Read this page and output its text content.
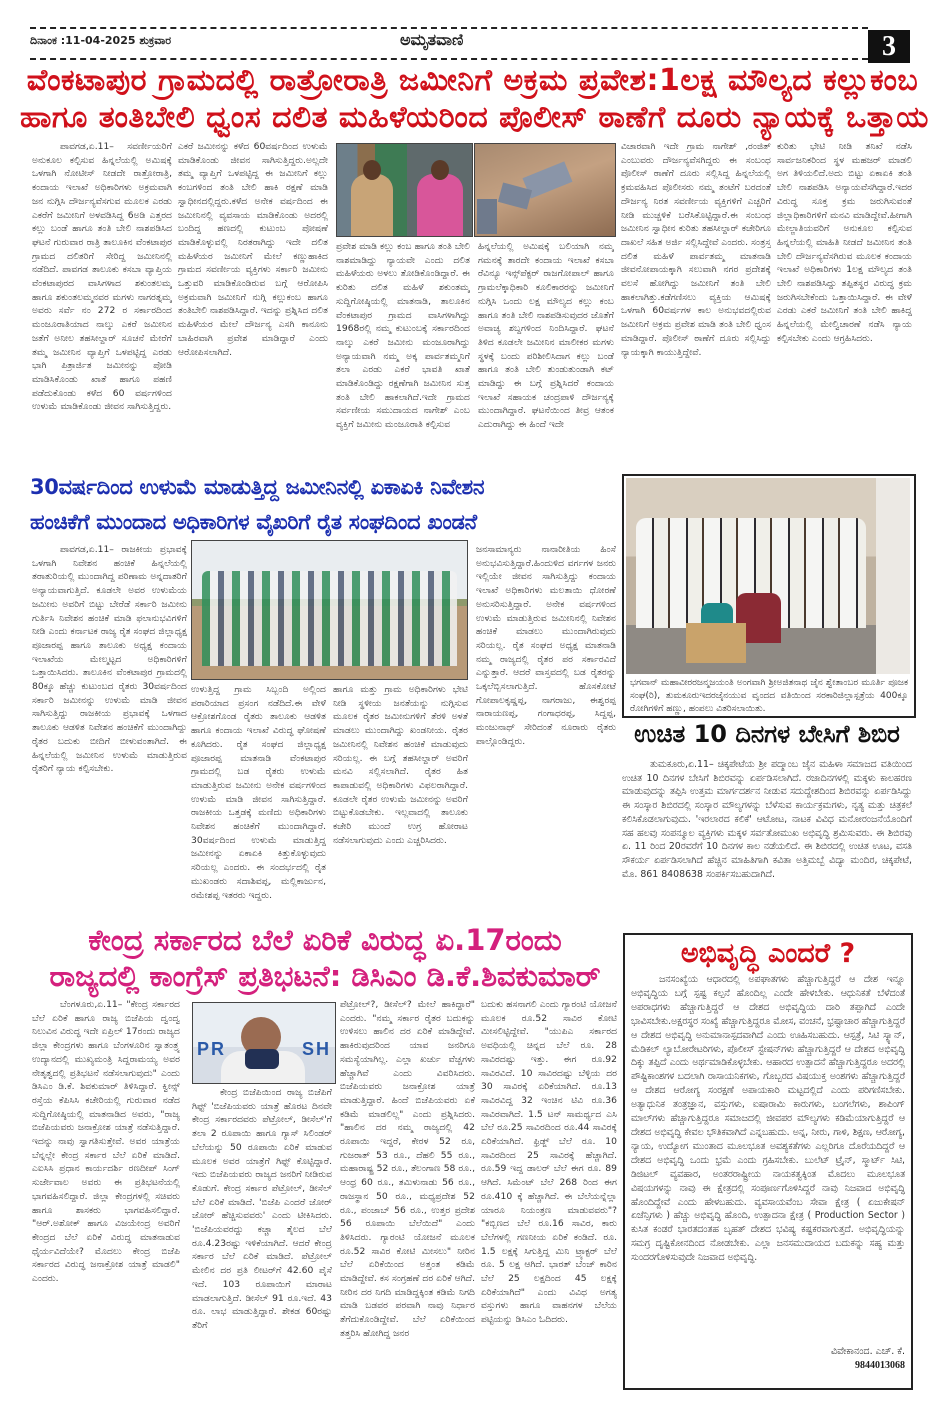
ದಿನಾಂಕ :11-04-2025 ಶುಕ್ರವಾರ	ಅಮೃತವಾಣಿ	3
ವೆಂಕಟಾಪುರ ಗ್ರಾಮದಲ್ಲಿ ರಾತ್ರೋರಾತ್ರಿ ಜಮೀನಿಗೆ ಅಕ್ರಮ ಪ್ರವೇಶ:1ಲಕ್ಷ ಮೌಲ್ಯದ ಕಲ್ಲುಕಂಬ
ಹಾಗೂ ತಂತಿಬೇಲಿ ಧ್ವಂಸ ದಲಿತ ಮಹಿಳೆಯರಿಂದ ಪೊಲೀಸ್ ಠಾಣೆಗೆ ದೂರು ನ್ಯಾಯಕ್ಕೆ ಒತ್ತಾಯ

ಪಾವಗಡ,ಏ.11– ಸವರ್ಣೀಯರಿಗೆ ಅನುಕೂಲ ಕಲ್ಪಿಸುವ ಹಿನ್ನಲೆಯಲ್ಲಿ ಅಮಿಷಕ್ಕೆ ಒಳಗಾಗಿ ನೋಟೀಸ್ ನೀಡದೇ ರಾತ್ರೋರಾತ್ರಿ, ಕಂದಾಯ ಇಲಾಖೆ ಅಧಿಕಾರಿಗಳು ಅಕ್ರಮವಾಗಿ ಜನ ನುಗ್ಗಿಸಿ ದೌರ್ಜನ್ಯವೆಸಗುವ ಮೂಲಕ ಎರಡು ಎಕರೆಗೆ ಜಮೀನಿಗೆ ಅಳವಡಿಸಿದ್ದ 6ಅಡಿ ಎತ್ತರದ ಕಲ್ಲು ಬಂಡೆ ಹಾಗೂ ತಂತಿ ಬೇಲಿ ನಾಶಪಡಿಸಿದ ಘಟನೆ ಗುರುವಾರ ರಾತ್ರಿ ತಾಲೂಕಿನ ವೆಂಕಟಾಪುರ ಗ್ರಾಮದ ದಲಿತರಿಗೆ ಸೇರಿದ್ದ ಜಮೀನಿನಲ್ಲಿ ನಡೆದಿದೆ. ಪಾವಗಡ ತಾಲೂಕು ಕಸಬಾ ವ್ಯಾಪ್ತಿಯ ವೆಂಕಟಾಪುರದ ವಾಸಿಗಳಾದ ಶಕುಂತಲಮ್ಮ ಹಾಗೂ ಶಕುಂತಲಮ್ಮನವರ ಮಗಳು ನಾಗರತ್ನಮ್ಮ ಅವರು ಸರ್ವೆ ನಂ 272 ರ ಸರ್ಕಾರದಿಂದ ಮಂಜೂರಾತಿಯಾದ ನಾಲ್ಕು ಎಕರೆ ಜಮೀನಿನ ಜತೆಗೆ ಅನೀಲ ತಹಸೀಲ್ದಾರ್ ಸೂಚನೆ ಮೇರೆಗೆ ತಮ್ಮ ಜಮೀನಿನ ವ್ಯಾಪ್ತಿಗೆ ಒಳಪಟ್ಟಿದ್ದ ಎರಡು ಭಾಗಿ ಪಿತ್ರಾರ್ಜಿತ ಜಮೀನನ್ನು ಪೋಡಿ ಮಾಡಿಸಿಕೊಂಡು ಖಾತೆ ಹಾಗೂ ಪಹಣಿ ಪಡೆದುಕೊಂಡು ಕಳೆದ 60 ವರ್ಷಗಳಿಂದ ಉಳುಮೆ ಮಾಡಿಕೊಂಡು ಜೀವನ ಸಾಗಿಸುತ್ತಿದ್ದರು.

ಎಕರೆ ಜಮೀನನ್ನು ಕಳೆದ 60ವರ್ಷದಿಂದ ಉಳುಮೆ ಮಾಡಿಕೊಂಡು ಜೀವನ ಸಾಗಿಸುತ್ತಿದ್ದರು.ಅಲ್ಲದೇ ತಮ್ಮ ವ್ಯಾಪ್ತಿಗೆ ಒಳಪಟ್ಟಿದ್ದ ಈ ಜಮೀನಿಗೆ ಕಲ್ಲು ಕಂಬಗಳಿಂದ ತಂತಿ ಬೇಲಿ ಹಾಕಿ ರಕ್ಷಣೆ ಮಾಡಿ ಸ್ವಾಧೀನದಲ್ಲಿದ್ದರು.ಕಳೆದ ಅನೇಕ ವರ್ಷದಿಂದ ಈ ಜಮೀನಿನಲ್ಲಿ ವ್ಯವಸಾಯ ಮಾಡಿಕೊಂಡು ಅದರಲ್ಲಿ ಬಂದಿದ್ದ ಹಣದಲ್ಲಿ ಕುಟುಂಬ ಪೋಷಣೆ ಮಾಡಿಕೊಳ್ಳುವಲ್ಲಿ ನಿರತರಾಗಿದ್ದು ಇದೇ ದಲಿತ ಮಹಿಳೆಯರ ಜಮೀನಿಗೆ ಮೇಲೆ ಕಣ್ಣುಹಾಕಿದ ಗ್ರಾಮದ ಸವರ್ಣೀಯ ವ್ಯಕ್ತಿಗಳು ಸರ್ಕಾರಿ ಜಮೀನು ಒತ್ತುವರಿ ಮಾಡಿಕೊಂಡಿರುವ ಬಗ್ಗೆ ಆರೋಪಿಸಿ ಅಕ್ರಮವಾಗಿ ಜಮೀನಿಗೆ ನುಗ್ಗಿ ಕಲ್ಲುಕಂಬ ಹಾಗೂ ತಂತಿಬೇಲಿ ನಾಶಪಡಿಸಿದ್ದಾರೆ. ಇದನ್ನು ಪ್ರಶ್ನಿಸಿದ ದಲಿತ ಮಹಿಳೆಯರ ಮೇಲೆ ದೌರ್ಜನ್ಯ ಎಸಗಿ ಕಾನೂನು ಬಾಹಿರವಾಗಿ ಪ್ರವೇಶ ಮಾಡಿದ್ದಾರೆ ಎಂದು ಆರೋಪಿಸಲಾಗಿದೆ.

ಪ್ರವೇಶ ಮಾಡಿ ಕಲ್ಲು ಕಂಬ ಹಾಗೂ ತಂತಿ ಬೇಲಿ ನಾಶಮಾಡಿದ್ದು ನ್ಯಾಯವೇ ಎಂದು ದಲಿತ ಮಹಿಳೆಯರು ಅಳಲು ತೋಡಿಕೊಂಡಿದ್ದಾರೆ. ಈ ಕುರಿತು ದಲಿತ ಮಹಿಳೆ ಶಕುಂತಮ್ಮ ಸುದ್ದಿಗೋಷ್ಠಿಯಲ್ಲಿ ಮಾತನಾಡಿ, ತಾಲೂಕಿನ ವೆಂಕಟಾಪುರ ಗ್ರಾಮದ ವಾಸಿಗಳಾಗಿದ್ದು 1968ರಲ್ಲಿ ನಮ್ಮ ಕುಟುಂಬಕ್ಕೆ ಸರ್ಕಾರದಿಂದ ನಾಲ್ಕು ಎಕರೆ ಜಮೀನು ಮಂಜೂರಾಗಿದ್ದು ಅನ್ಯಾಯವಾಗಿ ನಮ್ಮ ಅಕ್ಕ ಪಾರ್ವತಮ್ಮನಿಗೆ ತಲಾ ಎರಡು ಎಕರೆ ಭಾವತಿ ಖಾತೆ ಮಾಡಿಕೊಂಡಿದ್ದು ರಕ್ಷಣೆಗಾಗಿ ಜಮೀನಿನ ಸುತ್ತ ತಂತಿ ಬೇಲಿ ಹಾಕಲಾಗಿದೆ.ಇದೇ ಗ್ರಾಮದ ಸರ್ವಣೀಯ ಸಮುದಾಯದ ನಾಗೇಶ್ ಎಂಬ ವ್ಯಕ್ತಿಗೆ ಜಮೀನು ಮಂಜೂರಾತಿ ಕಲ್ಪಿಸುವ

ಹಿನ್ನಲೆಯಲ್ಲಿ ಅಮಿಷಕ್ಕೆ ಬಲಿಯಾಗಿ ನಮ್ಮ ಗಮನಕ್ಕೆ ತಾರದೇ ಕಂದಾಯ ಇಲಾಖೆ ಕಸಬಾ ರೆವಿನ್ಯೂ ಇನ್ಸ್‌ಪೆಕ್ಟರ್ ರಾಜಗೋಪಾಲ್ ಹಾಗೂ ಗ್ರಾಮಲೆಕ್ಕಾಧಿಕಾರಿ ಕೂಲಿಕಾರರನ್ನು ಜಮೀನಿಗೆ ನುಗ್ಗಿಸಿ ಒಂದು ಲಕ್ಷ ಮೌಲ್ಯದ ಕಲ್ಲು ಕಂಬ ಹಾಗೂ ತಂತಿ ಬೇಲಿ ನಾಶಪಡಿಸುವುದರ ಜೊತೆಗೆ ಅವಾಚ್ಯ ಶಬ್ದಗಳಿಂದ ನಿಂದಿಸಿದ್ದಾರೆ. ಘಟನೆ ತಿಳಿದ ಕೂಡಲೇ ಜಮೀನಿನ ಮಾಲೀಕರ ಮಗಳು ಸ್ಥಳಕ್ಕೆ ಬಂದು ಪರಿಶೀಲಿಸಿದಾಗ ಕಲ್ಲು ಬಂಡೆ ಹಾಗೂ ತಂತಿ ಬೇಲಿ ತುಂಡುತುಂಡಾಗಿ ಕಟ್ ಮಾಡಿದ್ದು ಈ ಬಗ್ಗೆ ಪ್ರಶ್ನಿಸಿದರೆ ಕಂದಾಯ ಇಲಾಖೆ ಸಹಾಯಕ ಚಂದ್ರಪಾಳಿ ದೌರ್ಜನ್ಯಕ್ಕೆ ಮುಂದಾಗಿದ್ದಾರೆ. ಘಟನೆಯಿಂದ ತೀವ್ರ ಆತಂಕ ಎದುರಾಗಿದ್ದು ಈ ಹಿಂದೆ ಇದೇ

ವಿಚಾರವಾಗಿ ಇದೇ ಗ್ರಾಮ ನಾಗೇಶ್ ,ರಂಜಿತ್ ಎಂಬುವರು ದೌರ್ಜನ್ಯವೆಸಗಿದ್ದರು ಈ ಸಂಬಂಧ ಪೊಲೀಸ್ ಠಾಣೆಗೆ ದೂರು ಸಲ್ಲಿಸಿದ್ದ ಹಿನ್ನಲೆಯಲ್ಲಿ ಕ್ರಮವಹಿಸಿದ ಪೊಲೀಸರು ನಮ್ಮ ತಂಟೆಗೆ ಬರದಂತೆ ದೌರ್ಜನ್ಯ ನಿರತ ಸವರ್ಣೀಯ ವ್ಯಕ್ತಿಗಳಿಗೆ ಎಚ್ಚರಿಗೆ ನೀಡಿ ಮುಚ್ಚಳಿಕೆ ಬರೆಸಿಕೊಟ್ಟಿದ್ದಾರೆ.ಈ ಸಂಬಂಧ ಜಮೀನಿನ ಸ್ವಾಧೀನ ಕುರಿತು ತಹಸೀಲ್ದಾರ್ ಕಚೇರಿಗೂ ದಾಖಲೆ ಸಹಿತ ಅರ್ಜಿ ಸಲ್ಲಿಸಿದ್ದೇವೆ ಎಂದರು. ಸಂತ್ರಸ್ತ ದಲಿತ ಮಹಿಳೆ ಪಾರ್ವತಮ್ಮ ಮಾತನಾಡಿ ಜೀವನೋಪಾಯಕ್ಕಾಗಿ ಸಲುವಾಗಿ ನಗರ ಪ್ರದೇಶಕ್ಕೆ ವಲಸೆ ಹೋಗಿದ್ದು ಜಮೀನಿಗೆ ತಂತಿ ಬೇಲಿ ಹಾಕಲಾಗಿತ್ತು.ಕಡೆಗಣಿಸಲು ವ್ಯಕ್ತಿಯ ಆಮಿಷಕ್ಕೆ ಒಳಗಾಗಿ 60ವರ್ಷಗಳ ಕಾಲ ಅನುಭವದಲ್ಲಿರುವ ಜಮೀನಿಗೆ ಅಕ್ರಮ ಪ್ರವೇಶ ಮಾಡಿ ತಂತಿ ಬೇಲಿ ಧ್ವಂಸ ಮಾಡಿದ್ದಾರೆ. ಪೊಲೀಸ್ ಠಾಣೆಗೆ ದೂರು ಸಲ್ಲಿಸಿದ್ದು ನ್ಯಾಯಕ್ಕಾಗಿ ಕಾಯುತ್ತಿದ್ದೇವೆ.

ಕುರಿತು ಭೇಟಿ ನೀಡಿ ತನಿಖೆ ನಡೆಸಿ ಸಾರ್ವಜನಿಕರಿಂದ ಸ್ಥಳ ಮಹಜರ್ ಮಾಡಲಿ ಅಗ ತಿಳಿಯಲಿದೆ.ಅದು ಬಿಟ್ಟು ಏಕಾಏಕಿ ತಂತಿ ಬೇಲಿ ನಾಶಪಡಿಸಿ ಅನ್ಯಾಯವೆಸಗಿದ್ದಾರೆ.ಇದರ ವಿರುದ್ಧ ಸೂಕ್ತ ಕ್ರಮ ಜರುಗಿಸುವಂತೆ ಜಿಲ್ಲಾಧಿಕಾರಿಗಳಿಗೆ ಮನವಿ ಮಾಡಿದ್ದೇವೆ.ಹೀಗಾಗಿ ಮೇಲ್ಜಾತಿಯವರಿಗೆ ಅನುಕೂಲ ಕಲ್ಪಿಸುವ ಹಿನ್ನಲೆಯಲ್ಲಿ ಮಾಹಿತಿ ನೀಡದೆ ಜಮೀನಿನ ತಂತಿ ಬೇಲಿ ದೌರ್ಜನ್ಯವೆಸಗಿರುವ ಮೂಲಕ ಕಂದಾಯ ಇಲಾಖೆ ಅಧಿಕಾರಿಗಳು 1ಲಕ್ಷ ಮೌಲ್ಯದ ತಂತಿ ಬೇಲಿ ನಾಶಪಡಿಸಿದ್ದು ತಪ್ಪಿತಸ್ಥರ ವಿರುದ್ಧ ಕ್ರಮ ಜರುಗಿಸಬೇಕೆಂದು ಒತ್ತಾಯಿಸಿದ್ದಾರೆ. ಈ ವೇಳೆ ಎರಡು ಎಕರೆ ಜಮೀನಿಗೆ ತಂತಿ ಬೇಲಿ ಹಾಕಿದ್ದ ಹಿನ್ನಲೆಯಲ್ಲಿ ಮೇಲ್ವಿಚಾರಣೆ ನಡೆಸಿ ನ್ಯಾಯ ಕಲ್ಪಿಸಬೇಕು ಎಂದು ಆಗ್ರಹಿಸಿದರು.

30ವರ್ಷದಿಂದ ಉಳುಮೆ ಮಾಡುತ್ತಿದ್ದ ಜಮೀನಿನಲ್ಲಿ ಏಕಾಏಕಿ ನಿವೇಶನ
ಹಂಚಿಕೆಗೆ ಮುಂದಾದ ಅಧಿಕಾರಿಗಳ ವೈಖರಿಗೆ ರೈತ ಸಂಘದಿಂದ ಖಂಡನೆ

ಪಾವಗಡ,ಏ.11– ರಾಜಕೀಯ ಪ್ರಭಾವಕ್ಕೆ ಒಳಗಾಗಿ ನಿವೇಶನ ಹಂಚಿಕೆ ಹಿನ್ನಲೆಯಲ್ಲಿ ತರಾತುರಿಯಲ್ಲಿ ಮುಂದಾಗಿದ್ದ ಪರಿಣಾಮ ಅನ್ನದಾತರಿಗೆ ಅನ್ಯಾಯವಾಗುತ್ತಿದೆ. ಕೂಡಲೇ ಅವರ ಉಳುಮೆಯ ಜಮೀನು ಅವರಿಗೆ ಬಿಟ್ಟು ಬೇರೆಡೆ ಸರ್ಕಾರಿ ಜಮೀನು ಗುರ್ತಿಸಿ ನಿವೇಶನ ಹಂಚಿಕೆ ಮಾಡಿ ಫಲಾನುಭವಿಗಳಿಗೆ ನೀಡಿ ಎಂದು ಕರ್ನಾಟಕ ರಾಜ್ಯ ರೈತ ಸಂಘದ ಜಿಲ್ಲಾಧ್ಯಕ್ಷ ಪೂಜಾರಪ್ಪ ಹಾಗೂ ತಾಲೂಕು ಅಧ್ಯಕ್ಷ ಕಂದಾಯ ಇಲಾಖೆಯ ಮೇಲ್ಮಟ್ಟದ ಅಧಿಕಾರಿಗಳಿಗೆ ಒತ್ತಾಯಿಸಿದರು. ತಾಲೂಕಿನ ವೆಂಕಟಾಪುರ ಗ್ರಾಮದಲ್ಲಿ 80ಕ್ಕೂ ಹೆಚ್ಚು ಕುಟುಂಬದ ರೈತರು 30ವರ್ಷದಿಂದ ಸರ್ಕಾರಿ ಜಮೀನನ್ನು ಉಳುಮೆ ಮಾಡಿ ಜೀವನ ಸಾಗಿಸುತ್ತಿದ್ದು ರಾಜಕೀಯ ಪ್ರಭಾವಕ್ಕೆ ಒಳಗಾದ ತಾಲೂಕು ಆಡಳಿತ ನಿವೇಶನ ಹಂಚಿಕೆಗೆ ಮುಂದಾಗಿದ್ದು ರೈತರ ಬದುಕು ಬೀದಿಗೆ ಬೀಳುವಂತಾಗಿದೆ. ಈ ಹಿನ್ನಲೆಯಲ್ಲಿ ಜಮೀನಿನ ಉಳುಮೆ ಮಾಡುತ್ತಿರುವ ರೈತರಿಗೆ ನ್ಯಾಯ ಕಲ್ಪಿಸಬೇಕು.

ಉಳುತ್ತಿದ್ದ ಗ್ರಾಮ ಸಿಬ್ಬಂದಿ ಅಲ್ಲಿಂದ ಪರಾರಿಯಾದ ಪ್ರಸಂಗ ನಡೆದಿದೆ.ಈ ವೇಳೆ ಆಕ್ರೋಶಗೊಂಡ ರೈತರು ತಾಲೂಕು ಆಡಳಿತ ಹಾಗೂ ಕಂದಾಯ ಇಲಾಖೆ ವಿರುದ್ಧ ಘೋಷಣೆ ಕೂಗಿದರು. ರೈತ ಸಂಘದ ಜಿಲ್ಲಾಧ್ಯಕ್ಷ ಪೂಜಾರಪ್ಪ ಮಾತನಾಡಿ ವೆಂಕಟಾಪುರ ಗ್ರಾಮದಲ್ಲಿ ಬಡ ರೈತರು ಉಳುಮೆ ಮಾಡುತ್ತಿರುವ ಜಮೀನು ಅನೇಕ ವರ್ಷಗಳಿಂದ ಉಳುಮೆ ಮಾಡಿ ಜೀವನ ಸಾಗಿಸುತ್ತಿದ್ದಾರೆ. ರಾಜಕೀಯ ಒತ್ತಡಕ್ಕೆ ಮಣಿದು ಅಧಿಕಾರಿಗಳು ನಿವೇಶನ ಹಂಚಿಕೆಗೆ ಮುಂದಾಗಿದ್ದಾರೆ. 30ವರ್ಷದಿಂದ ಉಳುಮೆ ಮಾಡುತ್ತಿದ್ದ ಜಮೀನನ್ನು ಏಕಾಏಕಿ ಕಿತ್ತುಕೊಳ್ಳುವುದು ಸರಿಯಲ್ಲ ಎಂದರು. ಈ ಸಂದರ್ಭದಲ್ಲಿ ರೈತ ಮುಖಂಡರು ಸದಾಶಿವಪ್ಪ, ಮಲ್ಲಿಕಾರ್ಜುನ, ರಮೇಶಪ್ಪ ಇತರರು ಇದ್ದರು.

ಹಾಗೂ ಮತ್ತು ಗ್ರಾಮ ಅಧಿಕಾರಿಗಳು ಭೇಟಿ ನೀಡಿ ಸ್ಥಳೀಯ ಜನತೆಯನ್ನು ನುಗ್ಗಿಸುವ ಮೂಲಕ ರೈತರ ಜಮೀನುಗಳಿಗೆ ತೆರಳಿ ಅಳತೆ ಮಾಡಲು ಮುಂದಾಗಿದ್ದು ಖಂಡನೀಯ. ರೈತರ ಜಮೀನಿನಲ್ಲಿ ನಿವೇಶನ ಹಂಚಿಕೆ ಮಾಡುವುದು ಸರಿಯಲ್ಲ. ಈ ಬಗ್ಗೆ ತಹಸೀಲ್ದಾರ್ ಅವರಿಗೆ ಮನವಿ ಸಲ್ಲಿಸಲಾಗಿದೆ. ರೈತರ ಹಿತ ಕಾಪಾಡುವಲ್ಲಿ ಅಧಿಕಾರಿಗಳು ವಿಫಲರಾಗಿದ್ದಾರೆ. ಕೂಡಲೇ ರೈತರ ಉಳುಮೆ ಜಮೀನನ್ನು ಅವರಿಗೆ ಬಿಟ್ಟುಕೊಡಬೇಕು. ಇಲ್ಲವಾದಲ್ಲಿ ತಾಲೂಕು ಕಚೇರಿ ಮುಂದೆ ಉಗ್ರ ಹೋರಾಟ ನಡೆಸಲಾಗುವುದು ಎಂದು ಎಚ್ಚರಿಸಿದರು.

ಜನಸಾಮಾನ್ಯರು ನಾನಾರೀತಿಯ ಹಿಂಸೆ ಅನುಭವಿಸುತ್ತಿದ್ದಾರೆ.ಹಿಂದುಳಿದ ವರ್ಗಗಳ ಜನರು ಇಲ್ಲಿಯೇ ಜೀವನ ಸಾಗಿಸುತ್ತಿದ್ದು ಕಂದಾಯ ಇಲಾಖೆ ಅಧಿಕಾರಿಗಳು ಮಲತಾಯಿ ಧೋರಣೆ ಅನುಸರಿಸುತ್ತಿದ್ದಾರೆ. ಅನೇಕ ವರ್ಷಗಳಿಂದ ಉಳುಮೆ ಮಾಡುತ್ತಿರುವ ಜಮೀನಿನಲ್ಲಿ ನಿವೇಶನ ಹಂಚಿಕೆ ಮಾಡಲು ಮುಂದಾಗಿರುವುದು ಸರಿಯಲ್ಲ. ರೈತ ಸಂಘದ ಅಧ್ಯಕ್ಷ ಮಾತನಾಡಿ ನಮ್ಮ ರಾಜ್ಯದಲ್ಲಿ ರೈತರ ಪರ ಸರ್ಕಾರವಿದೆ ಎನ್ನುತ್ತಾರೆ. ಆದರೆ ವಾಸ್ತವದಲ್ಲಿ ಬಡ ರೈತರನ್ನು ಒಕ್ಕಲೆಬ್ಬಿಸಲಾಗುತ್ತಿದೆ. ಹೊಸಕೋಟೆ ಗೋಪಾಲಕೃಷ್ಣಪ್ಪ, ನಾಗರಾಜು, ಈಶ್ವರಪ್ಪ ನಾರಾಯಣಪ್ಪ, ಗಂಗಾಧರಪ್ಪ, ಸಿದ್ದಪ್ಪ, ಮಂಜುನಾಥ್ ಸೇರಿದಂತೆ ನೂರಾರು ರೈತರು ಪಾಲ್ಗೊಂಡಿದ್ದರು.

ಭಗವಾನ್ ಮಹಾವೀರರಜನ್ಮಜಯಂತಿ ಅಂಗವಾಗಿ ಶ್ರೀಅಜಿತನಾಥ ಜೈನ ಶ್ವೇತಾಂಬರ ಮೂರ್ತಿ ಪೂಜಕ ಸಂಘ(ರಿ), ತುಮಕೂರುಇದರಜೈನಯುವ ವೃಂದದ ವತಿಯಿಂದ ಸರಕಾರಿಜಿಲ್ಲಾಸ್ಪತ್ರೆಯ 400ಕ್ಕೂ ರೋಗಿಗಳಿಗೆ ಹಣ್ಣು, ಹಂಪಲು ವಿತರಿಸಲಾಯಿತು.
ಉಚಿತ 10 ದಿನಗಳ ಬೇಸಿಗೆ ಶಿಬಿರ

ತುಮಕೂರು,ಏ.11– ಚಿಕ್ಕಪೇಟೆಯ ಶ್ರೀ ಪದ್ಮಾಂಬ ಜೈನ ಮಹಿಳಾ ಸಮಾಜದ ವತಿಯಿಂದ ಉಚಿತ 10 ದಿನಗಳ ಬೇಸಿಗೆ ಶಿಬಿರವನ್ನು ಏರ್ಪಡಿಸಲಾಗಿದೆ. ರಜಾದಿನಗಳಲ್ಲಿ ಮಕ್ಕಳು ಕಾಲಹರಣ ಮಾಡುವುದನ್ನು ತಪ್ಪಿಸಿ ಉತ್ತಮ ಮಾರ್ಗದರ್ಶನ ನೀಡುವ ಸದುದ್ದೇಶದಿಂದ ಶಿಬಿರವನ್ನು ಏರ್ಪಡಿಸಿದ್ದು ಈ ಸಂಸ್ಕಾರ ಶಿಬಿರದಲ್ಲಿ ಸಂಸ್ಕಾರ ಮೌಲ್ಯಗಳನ್ನು ಬೆಳೆಸುವ ಕಾರ್ಯಕ್ರಮಗಳು, ನೃತ್ಯ ಮತ್ತು ಚಿತ್ರಕಲೆ ಕಲಿಸಿಕೊಡಲಾಗುವುದು. 'ಇರಲಾರದ ಕಲಿಕೆ' ಆಟೋಟ, ನಾಟಕ ವಿವಿಧ ಮನೋರಂಜನೆಯೊಂದಿಗೆ ಸಹ ಹಲವು ಸಂಪನ್ಮೂಲ ವ್ಯಕ್ತಿಗಳು ಮಕ್ಕಳ ಸರ್ವತೋಮುಖ ಅಭಿವೃದ್ಧಿ ಶ್ರಮಿಸುವರು. ಈ ಶಿಬಿರವು ಏ. 11 ರಿಂದ 20ರವರೆಗೆ 10 ದಿನಗಳ ಕಾಲ ನಡೆಯಲಿದೆ. ಈ ಶಿಬಿರದಲ್ಲಿ ಉಚಿತ ಊಟ, ವಸತಿ ಸೌಕರ್ಯ ಏರ್ಪಡಿಸಲಾಗಿದೆ ಹೆಚ್ಚಿನ ಮಾಹಿತಿಗಾಗಿ ಕವಿತಾ ಅತ್ತಿಮಬ್ಬೆ ವಿದ್ಯಾ ಮಂದಿರ, ಚಿಕ್ಕಪೇಟೆ, ಮೊ. 861 8408638 ಸಂಪರ್ಕಿಸಬಹುದಾಗಿದೆ.

ಕೇಂದ್ರ ಸರ್ಕಾರದ ಬೆಲೆ ಏರಿಕೆ ವಿರುದ್ಧ ಏ.17ರಂದು
ರಾಜ್ಯದಲ್ಲಿ ಕಾಂಗ್ರೆಸ್ ಪ್ರತಿಭಟನೆ: ಡಿಸಿಎಂ ಡಿ.ಕೆ.ಶಿವಕುಮಾರ್

ಬೆಂಗಳೂರು,ಏ.11– "ಕೇಂದ್ರ ಸರ್ಕಾರದ ಬೆಲೆ ಏರಿಕೆ ಹಾಗೂ ರಾಜ್ಯ ಬಿಜೆಪಿಯ ದ್ವಂದ್ವ ನಿಲುವಿನ ವಿರುದ್ಧ ಇದೇ ಏಪ್ರಿಲ್ 17ರಂದು ರಾಜ್ಯದ ಜಿಲ್ಲಾ ಕೇಂದ್ರಗಳು ಹಾಗೂ ಬೆಂಗಳೂರಿನ ಸ್ವಾತಂತ್ರ್ಯ ಉದ್ಯಾನದಲ್ಲಿ ಮುಖ್ಯಮಂತ್ರಿ ಸಿದ್ದರಾಮಯ್ಯ ಅವರ ನೇತೃತ್ವದಲ್ಲಿ ಪ್ರತಿಭಟನೆ ನಡೆಸಲಾಗುವುದು" ಎಂದು ಡಿಸಿಎಂ ಡಿ.ಕೆ. ಶಿವಕುಮಾರ್ ತಿಳಿಸಿದ್ದಾರೆ. ಕ್ವೀನ್ಸ್ ರಸ್ತೆಯ ಕೆಪಿಸಿಸಿ ಕಚೇರಿಯಲ್ಲಿ ಗುರುವಾರ ನಡೆದ ಸುದ್ದಿಗೋಷ್ಠಿಯಲ್ಲಿ ಮಾತನಾಡಿದ ಅವರು, "ರಾಜ್ಯ ಬಿಜೆಪಿಯವರು ಜನಾಕ್ರೋಶ ಯಾತ್ರೆ ನಡೆಸುತ್ತಿದ್ದಾರೆ. ಇದನ್ನು ನಾವು ಸ್ವಾಗತಿಸುತ್ತೇವೆ. ಅವರ ಯಾತ್ರೆಯ ಬೆನ್ನಲ್ಲೇ ಕೇಂದ್ರ ಸರ್ಕಾರ ಬೆಲೆ ಏರಿಕೆ ಮಾಡಿದೆ. ಎಐಸಿಸಿ ಪ್ರಧಾನ ಕಾರ್ಯದರ್ಶಿ ರಣದೀಪ್ ಸಿಂಗ್ ಸುರ್ಜೇವಾಲ ಅವರು ಈ ಪ್ರತಿಭಟನೆಯಲ್ಲಿ ಭಾಗವಹಿಸಲಿದ್ದಾರೆ. ಜಿಲ್ಲಾ ಕೇಂದ್ರಗಳಲ್ಲಿ ಸಚಿವರು ಹಾಗೂ ಶಾಸಕರು ಭಾಗವಹಿಸಲಿದ್ದಾರೆ. "ಆರ್.ಅಶೋಕ್ ಹಾಗೂ ವಿಜಯೇಂದ್ರ ಅವರಿಗೆ ಕೇಂದ್ರದ ಬೆಲೆ ಏರಿಕೆ ವಿರುದ್ಧ ಮಾತನಾಡುವ ಧೈರ್ಯವಿದೆಯೇ? ಮೊದಲು ಕೇಂದ್ರ ಬಿಜೆಪಿ ಸರ್ಕಾರದ ವಿರುದ್ಧ ಜನಾಕ್ರೋಶ ಯಾತ್ರೆ ಮಾಡಲಿ" ಎಂದರು.

PR	SH

ಕೇಂದ್ರ ಬಿಜೆಪಿಯಿಂದ ರಾಜ್ಯ ಬಿಜೆಪಿಗೆ ಗಿಫ್ಟ್ 'ಬಿಜೆಪಿಯವರು ಯಾತ್ರೆ ಹೊರಟ ದಿನವೇ ಕೇಂದ್ರ ಸರ್ಕಾರದವರು ಪೆಟ್ರೋಲ್, ಡೀಸೆಲ್'ಗೆ ತಲಾ 2 ರೂಪಾಯಿ ಹಾಗೂ ಗ್ಯಾಸ್ ಸಿಲಿಂಡರ್ ಬೆಲೆಯನ್ನು 50 ರೂಪಾಯಿ ಏರಿಕೆ ಮಾಡುವ ಮೂಲಕ ಅವರ ಯಾತ್ರೆಗೆ ಗಿಫ್ಟ್ ಕೊಟ್ಟಿದ್ದಾರೆ. ಇದು ಬಿಜೆಪಿಯವರು ರಾಜ್ಯದ ಜನರಿಗೆ ನೀಡಿರುವ ಕೊಡುಗೆ. ಕೇಂದ್ರ ಸರ್ಕಾರ ಪೆಟ್ರೋಲ್, ಡೀಸೆಲ್ ಬೆಲೆ ಏರಿಕೆ ಮಾಡಿದೆ. 'ಬಿಜೆಪಿ ಎಂದರೆ ಜೋರ್ ಜೋರ್ ಹೆಚ್ಚಿಸುವವರು' ಎಂದು ಟೀಕಿಸಿದರು. 'ಬಿಜೆಪಿಯವರದ್ದು ಕಚ್ಚಾ ತೈಲದ ಬೆಲೆ ರೂ.4.23ರಷ್ಟು ಇಳಿಕೆಯಾಗಿದೆ. ಆದರೆ ಕೇಂದ್ರ ಸರ್ಕಾರ ಬೆಲೆ ಏರಿಕೆ ಮಾಡಿದೆ. ಪೆಟ್ರೋಲ್ ಮೇಲಿನ ದರ ಪ್ರತಿ ಲೀಟರ್‌ಗೆ 42.60 ಪೈಸೆ ಇದೆ. 103 ರೂಪಾಯಿಗೆ ಮಾರಾಟ ಮಾಡಲಾಗುತ್ತಿದೆ. ಡೀಸೆಲ್ 91 ರೂ.ಇದೆ. 43 ರೂ. ಲಾಭ ಮಾಡುತ್ತಿದ್ದಾರೆ. ಶೇಕಡ 60ರಷ್ಟು ತೆರಿಗೆ

ಪೆಟ್ರೋಲ್?, ಡೀಸೆಲ್? ಮೇಲೆ ಹಾಕಿದ್ದಾರೆ" ಎಂದರು. "ನಮ್ಮ ಸರ್ಕಾರ ರೈತರ ಬದುಕನ್ನು ಉಳಿಸಲು ಹಾಲಿನ ದರ ಏರಿಕೆ ಮಾಡಿದ್ದೇವೆ. ಹಾಕಿರುವುದರಿಂದ ಯಾವ ಜನರಿಗೂ ಸಮಸ್ಯೆಯಾಗಿಲ್ಲ. ಎಲ್ಲಾ ಖರ್ಚು ವೆಚ್ಚಗಳು ಹೆಚ್ಚಾಗಿವೆ ಎಂದು ವಿವರಿಸಿದರು. ಬಿಜೆಪಿಯವರು ಜನಾಕ್ರೋಶ ಯಾತ್ರೆ ಮಾಡುತ್ತಿದ್ದಾರೆ. ಹಿಂದೆ ಬಿಜೆಪಿಯವರು ಏಕೆ ಕಡಿಮೆ ಮಾಡಲಿಲ್ಲ" ಎಂದು ಪ್ರಶ್ನಿಸಿದರು. "ಹಾಲಿನ ದರ ನಮ್ಮ ರಾಜ್ಯದಲ್ಲಿ 42 ರೂಪಾಯಿ ಇದ್ದರೆ, ಕೇರಳ 52 ರೂ, ಗುಜರಾತ್ 53 ರೂ., ದೆಹಲಿ 55 ರೂ., ಮಹಾರಾಷ್ಟ್ರ 52 ರೂ., ತೆಲಂಗಾಣ 58 ರೂ., ಆಂಧ್ರ 60 ರೂ., ತಮಿಳುನಾಡು 56 ರೂ., ರಾಜಸ್ಥಾನ 50 ರೂ., ಮಧ್ಯಪ್ರದೇಶ 52 ರೂ., ಪಂಜಾಬ್ 56 ರೂ., ಉತ್ತರ ಪ್ರದೇಶ 56 ರೂಪಾಯಿ ಬೆಲೆಯಿದೆ" ಎಂದು ತಿಳಿಸಿದರು. ಗ್ಯಾರಂಟಿ ಯೋಜನೆ ಮೂಲಕ ರೂ.52 ಸಾವಿರ ಕೋಟಿ ಮೀಸಲು" ನೀರಿನ ಬೆಲೆ ಏರಿಕೆಯಿಂದ ಅತ್ತಂತ ಕಡಿಮೆ ಮಾಡಿದ್ದೇವೆ. ಕಸ ಸಂಗ್ರಹಣೆ ದರ ಏರಿಕೆ ಆಗಿದೆ. ನೀರಿನ ದರ ನಿಗದಿ ಮಾಡಿದ್ದಕ್ಕಿಂತ ಕಡಿಮೆ ನಿಗದಿ ಮಾಡಿ ಬಡವರ ಪರವಾಗಿ ನಾವು ನಿರ್ಧಾರ ತೆಗೆದುಕೊಂಡಿದ್ದೇವೆ. ಬೆಲೆ ಏರಿಕೆಯಿಂದ ತತ್ತರಿಸಿ ಹೋಗಿದ್ದ ಜನರ

ಬದುಕು ಹಸನಾಗಲಿ ಎಂದು ಗ್ಯಾರಂಟಿ ಯೋಜನೆ ಮೂಲಕ ರೂ.52 ಸಾವಿರ ಕೋಟಿ ಮೀಸಲಿಟ್ಟಿದ್ದೇವೆ. "ಯುಪಿಎ ಸರ್ಕಾರದ ಅವಧಿಯಲ್ಲಿ ಚಿನ್ನದ ಬೆಲೆ ರೂ. 28 ಸಾವಿರದಷ್ಟು ಇತ್ತು. ಈಗ ರೂ.92 ಸಾವಿರವಿದೆ. 10 ಸಾವಿರದಷ್ಟು ಬೆಳ್ಳಿಯ ದರ 30 ಸಾವಿರಕ್ಕೆ ಏರಿಕೆಯಾಗಿದೆ. ರೂ.13 ಸಾವಿರವಿದ್ದ 32 ಇಂಚಿನ ಟಿವಿ ರೂ.36 ಸಾವಿರವಾಗಿದೆ. 1.5 ಟನ್ ಸಾಮರ್ಥ್ಯದ ಎಸಿ ಬೆಲೆ ರೂ.25 ಸಾವಿರದಿಂದ ರೂ.44 ಸಾವಿರಕ್ಕೆ ಏರಿಕೆಯಾಗಿದೆ. ಫ್ರಿಡ್ಜ್ ಬೆಲೆ ರೂ. 10 ಸಾವಿರದಿಂದ 25 ಸಾವಿರಕ್ಕೆ ಹೆಚ್ಚಾಗಿದೆ. ರೂ.59 ಇದ್ದ ಡಾಲರ್ ಬೆಲೆ ಈಗ ರೂ. 89 ಆಗಿದೆ. ಸಿಮೆಂಟ್ ಬೆಲೆ 268 ರಿಂದ ಈಗ ರೂ.410 ಕ್ಕೆ ಹೆಚ್ಚಾಗಿದೆ. ಈ ಬೆಲೆಯನ್ನೆಲ್ಲಾ ಯಾರೂ ನಿಯಂತ್ರಣ ಮಾಡುವವರು"? "ಕಬ್ಬಿಣದ ಬೆಲೆ ರೂ.16 ಸಾವಿರ, ಕಾರು ಬೆಲೆಗಳಲ್ಲಿ ಗಣನೀಯ ಏರಿಕೆ ಕಂಡಿದೆ. ರೂ. 1.5 ಲಕ್ಷಕ್ಕೆ ಸಿಗುತ್ತಿದ್ದ ಮಿನಿ ಟ್ರ್ಯಾಕ್ಟರ್ ಬೆಲೆ ರೂ. 5 ಲಕ್ಷ ಆಗಿದೆ. ಭಾರತ್ ಬೆಂಜ್ ಕಾರಿನ ಬೆಲೆ 25 ಲಕ್ಷದಿಂದ 45 ಲಕ್ಷಕ್ಕೆ ಏರಿಕೆಯಾಗಿದೆ" ಎಂದು ವಿವಿಧ ಅಗತ್ಯ ವಸ್ತುಗಳು ಹಾಗೂ ವಾಹನಗಳ ಬೆಲೆಯ ಪಟ್ಟಿಯನ್ನು ಡಿಸಿಎಂ ಓದಿದರು.

ಅಭಿವೃದ್ಧಿ ಎಂದರೆ ?

ಜನಸಂಖ್ಯೆಯ ಆಧಾರದಲ್ಲಿ ಅಪಘಾತಗಳು ಹೆಚ್ಚಾಗುತ್ತಿದ್ದರೆ ಆ ದೇಶ ಇನ್ನೂ ಅಭಿವೃದ್ಧಿಯ ಬಗ್ಗೆ ಸ್ಪಷ್ಟ ಕಲ್ಪನೆ ಹೊಂದಿಲ್ಲ ಎಂದೇ ಹೇಳಬೇಕು. ಆಧುನಿಕತೆ ಬೆಳೆದಂತೆ ಅಪರಾಧಗಳು ಹೆಚ್ಚಾಗುತ್ತಿದ್ದರೆ ಆ ದೇಶದ ಅಭಿವೃದ್ಧಿಯ ದಾರಿ ತಪ್ಪಾಗಿದೆ ಎಂದೇ ಭಾವಿಸಬೇಕು.ಅಕ್ಷರಸ್ಥರ ಸಂಖ್ಯೆ ಹೆಚ್ಚಾಗುತ್ತಿದ್ದರೂ ಮೋಸ, ವಂಚನೆ, ಭ್ರಷ್ಟಾಚಾರ ಹೆಚ್ಚಾಗುತ್ತಿದ್ದರೆ ಆ ದೇಶದ ಅಭಿವೃದ್ಧಿ ಅನುಮಾನಾಸ್ಪದವಾಗಿದೆ ಎಂದು ಊಹಿಸಬಹುದು. ಆಸ್ಪತ್ರೆ, ಸಿಟಿ ಸ್ಕ್ಯಾನ್, ಮೆಡಿಕಲ್ ಲ್ಯಾಬೋರೇಟರಿಗಳು, ಪೊಲೀಸ್ ಸ್ಟೇಷನ್‌ಗಳು ಹೆಚ್ಚಾಗುತ್ತಿದ್ದರೆ ಆ ದೇಶದ ಅಭಿವೃದ್ಧಿ ದಿಕ್ಕು ತಪ್ಪಿದೆ ಎಂದು ಅರ್ಥಮಾಡಿಕೊಳ್ಳಬೇಕು. ಆಹಾರದ ಉತ್ಪಾದನೆ ಹೆಚ್ಚಾಗುತ್ತಿದ್ದರೂ ಅದರಲ್ಲಿ ಪೌಷ್ಟಿಕಾಂಶಗಳ ಬದಲಾಗಿ ರಾಸಾಯನಿಕಗಳು, ಗೊಬ್ಬರದ ವಿಷಯುಕ್ತ ಅಂಶಗಳು ಹೆಚ್ಚಾಗುತ್ತಿದ್ದರೆ ಆ ದೇಶದ ಆರೋಗ್ಯ ಸಂರಕ್ಷಣೆ ಅಪಾಯಕಾರಿ ಮಟ್ಟದಲ್ಲಿದೆ ಎಂದು ಪರಿಗಣಿಸಬೇಕು. ಅತ್ಯಾಧುನಿಕ ತಂತ್ರಜ್ಞಾನ, ವಸ್ತುಗಳು, ಐಷಾರಾಮಿ ಕಾರುಗಳು, ಬಂಗಲೆಗಳು, ಶಾಪಿಂಗ್ ಮಾಲ್‌ಗಳು ಹೆಚ್ಚಾಗುತ್ತಿದ್ದರೂ ಸಮಾಜದಲ್ಲಿ ಜೀವಪರ ಮೌಲ್ಯಗಳು ಕಡಿಮೆಯಾಗುತ್ತಿದ್ದರೆ ಆ ದೇಶದ ಅಭಿವೃದ್ಧಿ ಕೇವಲ ಭೌತಿಕವಾಗಿದೆ ಎನ್ನಬಹುದು. ಅನ್ನ, ನೀರು, ಗಾಳಿ, ಶಿಕ್ಷಣ, ಆರೋಗ್ಯ, ನ್ಯಾಯ, ಉದ್ಯೋಗ ಮುಂತಾದ ಮೂಲಭೂತ ಅವಶ್ಯಕತೆಗಳು ಎಲ್ಲರಿಗೂ ದೊರೆಯದಿದ್ದರೆ ಆ ದೇಶದ ಅಭಿವೃದ್ಧಿ ಒಂದು ಭ್ರಮೆ ಎಂದು ಗ್ರಹಿಸಬೇಕು. ಬುಲೆಟ್ ಟ್ರೈನ್, ಸ್ಮಾರ್ಟ್ ಸಿಟಿ, ಡಿಜಿಟಲ್ ವ್ಯವಹಾರ, ಅಂತರರಾಷ್ಟ್ರೀಯ ನಾಯಕತ್ವಕ್ಕಿಂತ ಮೊದಲು ಮೂಲಭೂತ ವಿಷಯಗಳನ್ನು ನಾವು ಈ ಕ್ಷೇತ್ರದಲ್ಲಿ ಸಂಪೂರ್ಣಗೊಳಿಸಿದ್ದರೆ ನಾವು ನಿಜವಾದ ಅಭಿವೃದ್ಧಿ ಹೊಂದಿದ್ದೇವೆ ಎಂದು ಹೇಳಬಹುದು. ವ್ಯವಸಾಯವೆಂಬ ಸೇವಾ ಕ್ಷೇತ್ರ ( ಏಜುಕೇಷನ್ ಏಜೆನ್ಸಿಗಳು ) ಹೆಚ್ಚು ಅಭಿವೃದ್ಧಿ ಹೊಂದಿ, ಉತ್ಪಾದನಾ ಕ್ಷೇತ್ರ ( Production Sector ) ಕುಸಿತ ಕಂಡರೆ ಭಾರತದಂತಹ ಬೃಹತ್ ದೇಶದ ಭವಿಷ್ಯ ಕಷ್ಟಕರವಾಗುತ್ತದೆ. ಅಭಿವೃದ್ಧಿಯನ್ನು ಸಮಗ್ರ ದೃಷ್ಟಿಕೋನದಿಂದ ನೋಡಬೇಕು. ಎಲ್ಲಾ ಜನಸಮುದಾಯದ ಬದುಕನ್ನು ಸಹ್ಯ ಮತ್ತು ಸುಂದರಗೊಳಿಸುವುದೇ ನಿಜವಾದ ಅಭಿವೃದ್ಧಿ.

ವಿವೇಕಾನಂದ. ಎಚ್. ಕೆ.
9844013068
